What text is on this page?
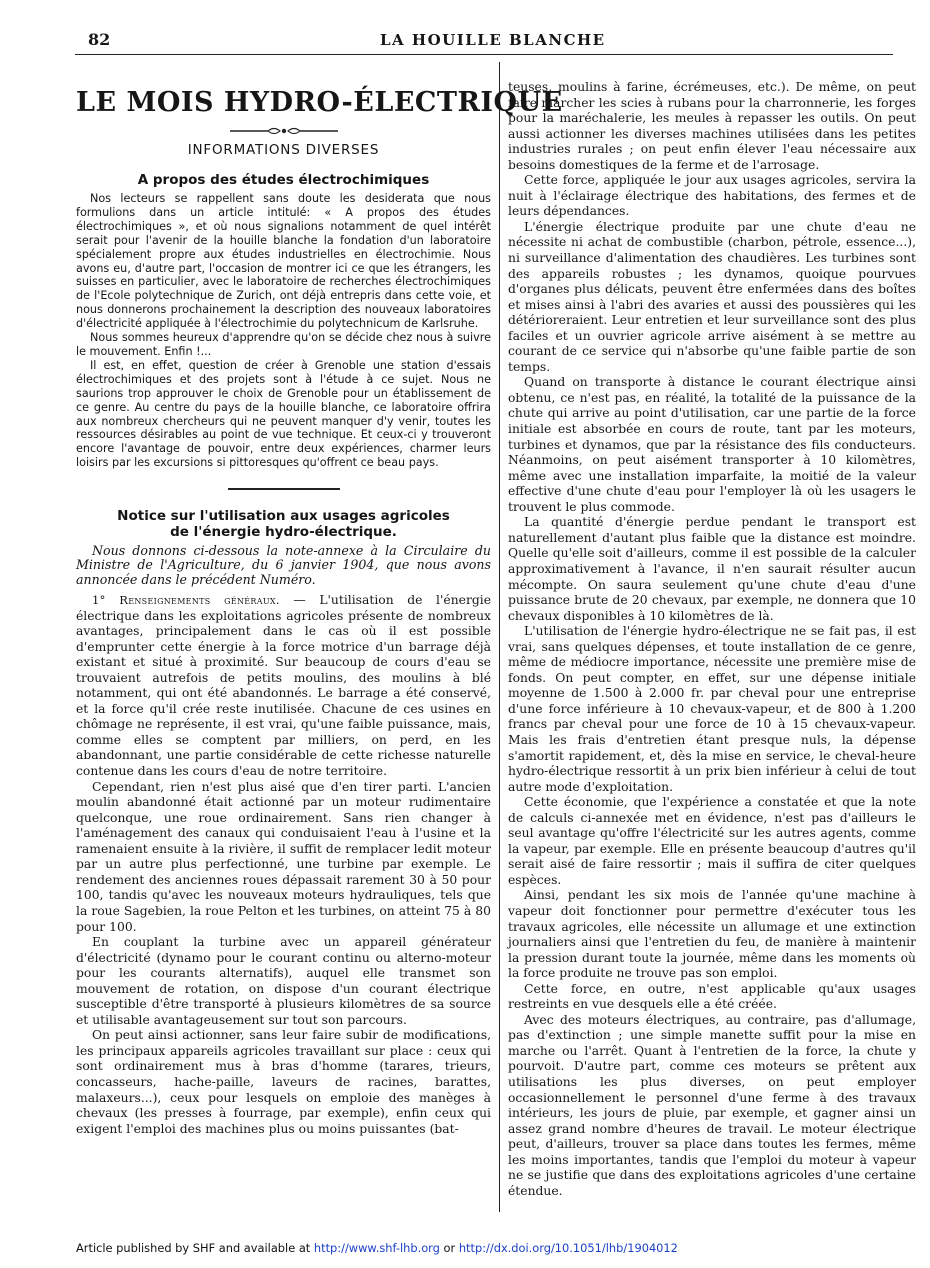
82	LA HOUILLE BLANCHE
LE MOIS HYDRO-ÉLECTRIQUE
INFORMATIONS DIVERSES
A propos des études électrochimiques

Nos lecteurs se rappellent sans doute les desiderata que nous formulions dans un article intitulé: « A propos des études électrochimiques », et où nous signalions notamment de quel intérêt serait pour l'avenir de la houille blanche la fondation d'un laboratoire spécialement propre aux études industrielles en électrochimie. Nous avons eu, d'autre part, l'occasion de montrer ici ce que les étrangers, les suisses en particulier, avec le laboratoire de recherches électrochimiques de l'Ecole polytechnique de Zurich, ont déjà entrepris dans cette voie, et nous donnerons prochainement la description des nouveaux laboratoires d'électricité appliquée à l'électrochimie du polytechnicum de Karlsruhe.

Nous sommes heureux d'apprendre qu'on se décide chez nous à suivre le mouvement. Enfin !...

Il est, en effet, question de créer à Grenoble une station d'essais électrochimiques et des projets sont à l'étude à ce sujet. Nous ne saurions trop approuver le choix de Grenoble pour un établissement de ce genre. Au centre du pays de la houille blanche, ce laboratoire offrira aux nombreux chercheurs qui ne peuvent manquer d'y venir, toutes les ressources désirables au point de vue technique. Et ceux-ci y trouveront encore l'avantage de pouvoir, entre deux expériences, charmer leurs loisirs par les excursions si pittoresques qu'offrent ce beau pays.

Notice sur l'utilisation aux usages agricoles
de l'énergie hydro-électrique.

Nous donnons ci-dessous la note-annexe à la Circulaire du Ministre de l'Agriculture, du 6 janvier 1904, que nous avons annoncée dans le précédent Numéro.

1° Renseignements généraux. — L'utilisation de l'énergie électrique dans les exploitations agricoles présente de nombreux avantages, principalement dans le cas où il est possible d'emprunter cette énergie à la force motrice d'un barrage déjà existant et situé à proximité. Sur beaucoup de cours d'eau se trouvaient autrefois de petits moulins, des moulins à blé notamment, qui ont été abandonnés. Le barrage a été conservé, et la force qu'il crée reste inutilisée. Chacune de ces usines en chômage ne représente, il est vrai, qu'une faible puissance, mais, comme elles se comptent par milliers, on perd, en les abandonnant, une partie considérable de cette richesse naturelle contenue dans les cours d'eau de notre territoire.

Cependant, rien n'est plus aisé que d'en tirer parti. L'ancien moulin abandonné était actionné par un moteur rudimentaire quelconque, une roue ordinairement. Sans rien changer à l'aménagement des canaux qui conduisaient l'eau à l'usine et la ramenaient ensuite à la rivière, il suffit de remplacer ledit moteur par un autre plus perfectionné, une turbine par exemple. Le rendement des anciennes roues dépassait rarement 30 à 50 pour 100, tandis qu'avec les nouveaux moteurs hydrauliques, tels que la roue Sagebien, la roue Pelton et les turbines, on atteint 75 à 80 pour 100.

En couplant la turbine avec un appareil générateur d'électricité (dynamo pour le courant continu ou alterno-moteur pour les courants alternatifs), auquel elle transmet son mouvement de rotation, on dispose d'un courant électrique susceptible d'être transporté à plusieurs kilomètres de sa source et utilisable avantageusement sur tout son parcours.

On peut ainsi actionner, sans leur faire subir de modifications, les principaux appareils agricoles travaillant sur place : ceux qui sont ordinairement mus à bras d'homme (tarares, trieurs, concasseurs, hache-paille, laveurs de racines, barattes, malaxeurs...), ceux pour lesquels on emploie des manèges à chevaux (les presses à fourrage, par exemple), enfin ceux qui exigent l'emploi des machines plus ou moins puissantes (bat-

teuses, moulins à farine, écrémeuses, etc.). De même, on peut faire marcher les scies à rubans pour la charronnerie, les forges pour la maréchalerie, les meules à repasser les outils. On peut aussi actionner les diverses machines utilisées dans les petites industries rurales ; on peut enfin élever l'eau nécessaire aux besoins domestiques de la ferme et de l'arrosage.

Cette force, appliquée le jour aux usages agricoles, servira la nuit à l'éclairage électrique des habitations, des fermes et de leurs dépendances.

L'énergie électrique produite par une chute d'eau ne nécessite ni achat de combustible (charbon, pétrole, essence...), ni surveillance d'alimentation des chaudières. Les turbines sont des appareils robustes ; les dynamos, quoique pourvues d'organes plus délicats, peuvent être enfermées dans des boîtes et mises ainsi à l'abri des avaries et aussi des poussières qui les détérioreraient. Leur entretien et leur surveillance sont des plus faciles et un ouvrier agricole arrive aisément à se mettre au courant de ce service qui n'absorbe qu'une faible partie de son temps.

Quand on transporte à distance le courant électrique ainsi obtenu, ce n'est pas, en réalité, la totalité de la puissance de la chute qui arrive au point d'utilisation, car une partie de la force initiale est absorbée en cours de route, tant par les moteurs, turbines et dynamos, que par la résistance des fils conducteurs. Néanmoins, on peut aisément transporter à 10 kilomètres, même avec une installation imparfaite, la moitié de la valeur effective d'une chute d'eau pour l'employer là où les usagers le trouvent le plus commode.

La quantité d'énergie perdue pendant le transport est naturellement d'autant plus faible que la distance est moindre. Quelle qu'elle soit d'ailleurs, comme il est possible de la calculer approximativement à l'avance, il n'en saurait résulter aucun mécompte. On saura seulement qu'une chute d'eau d'une puissance brute de 20 chevaux, par exemple, ne donnera que 10 chevaux disponibles à 10 kilomètres de là.

L'utilisation de l'énergie hydro-électrique ne se fait pas, il est vrai, sans quelques dépenses, et toute installation de ce genre, même de médiocre importance, nécessite une première mise de fonds. On peut compter, en effet, sur une dépense initiale moyenne de 1.500 à 2.000 fr. par cheval pour une entreprise d'une force inférieure à 10 chevaux-vapeur, et de 800 à 1.200 francs par cheval pour une force de 10 à 15 chevaux-vapeur. Mais les frais d'entretien étant presque nuls, la dépense s'amortit rapidement, et, dès la mise en service, le cheval-heure hydro-électrique ressortit à un prix bien inférieur à celui de tout autre mode d'exploitation.

Cette économie, que l'expérience a constatée et que la note de calculs ci-annexée met en évidence, n'est pas d'ailleurs le seul avantage qu'offre l'électricité sur les autres agents, comme la vapeur, par exemple. Elle en présente beaucoup d'autres qu'il serait aisé de faire ressortir ; mais il suffira de citer quelques espèces.

Ainsi, pendant les six mois de l'année qu'une machine à vapeur doit fonctionner pour permettre d'exécuter tous les travaux agricoles, elle nécessite un allumage et une extinction journaliers ainsi que l'entretien du feu, de manière à maintenir la pression durant toute la journée, même dans les moments où la force produite ne trouve pas son emploi.

Cette force, en outre, n'est applicable qu'aux usages restreints en vue desquels elle a été créée.

Avec des moteurs électriques, au contraire, pas d'allumage, pas d'extinction ; une simple manette suffit pour la mise en marche ou l'arrêt. Quant à l'entretien de la force, la chute y pourvoit. D'autre part, comme ces moteurs se prêtent aux utilisations les plus diverses, on peut employer occasionnellement le personnel d'une ferme à des travaux intérieurs, les jours de pluie, par exemple, et gagner ainsi un assez grand nombre d'heures de travail. Le moteur électrique peut, d'ailleurs, trouver sa place dans toutes les fermes, même les moins importantes, tandis que l'emploi du moteur à vapeur ne se justifie que dans des exploitations agricoles d'une certaine étendue.

Article published by SHF and available at http://www.shf-lhb.org or http://dx.doi.org/10.1051/lhb/1904012
